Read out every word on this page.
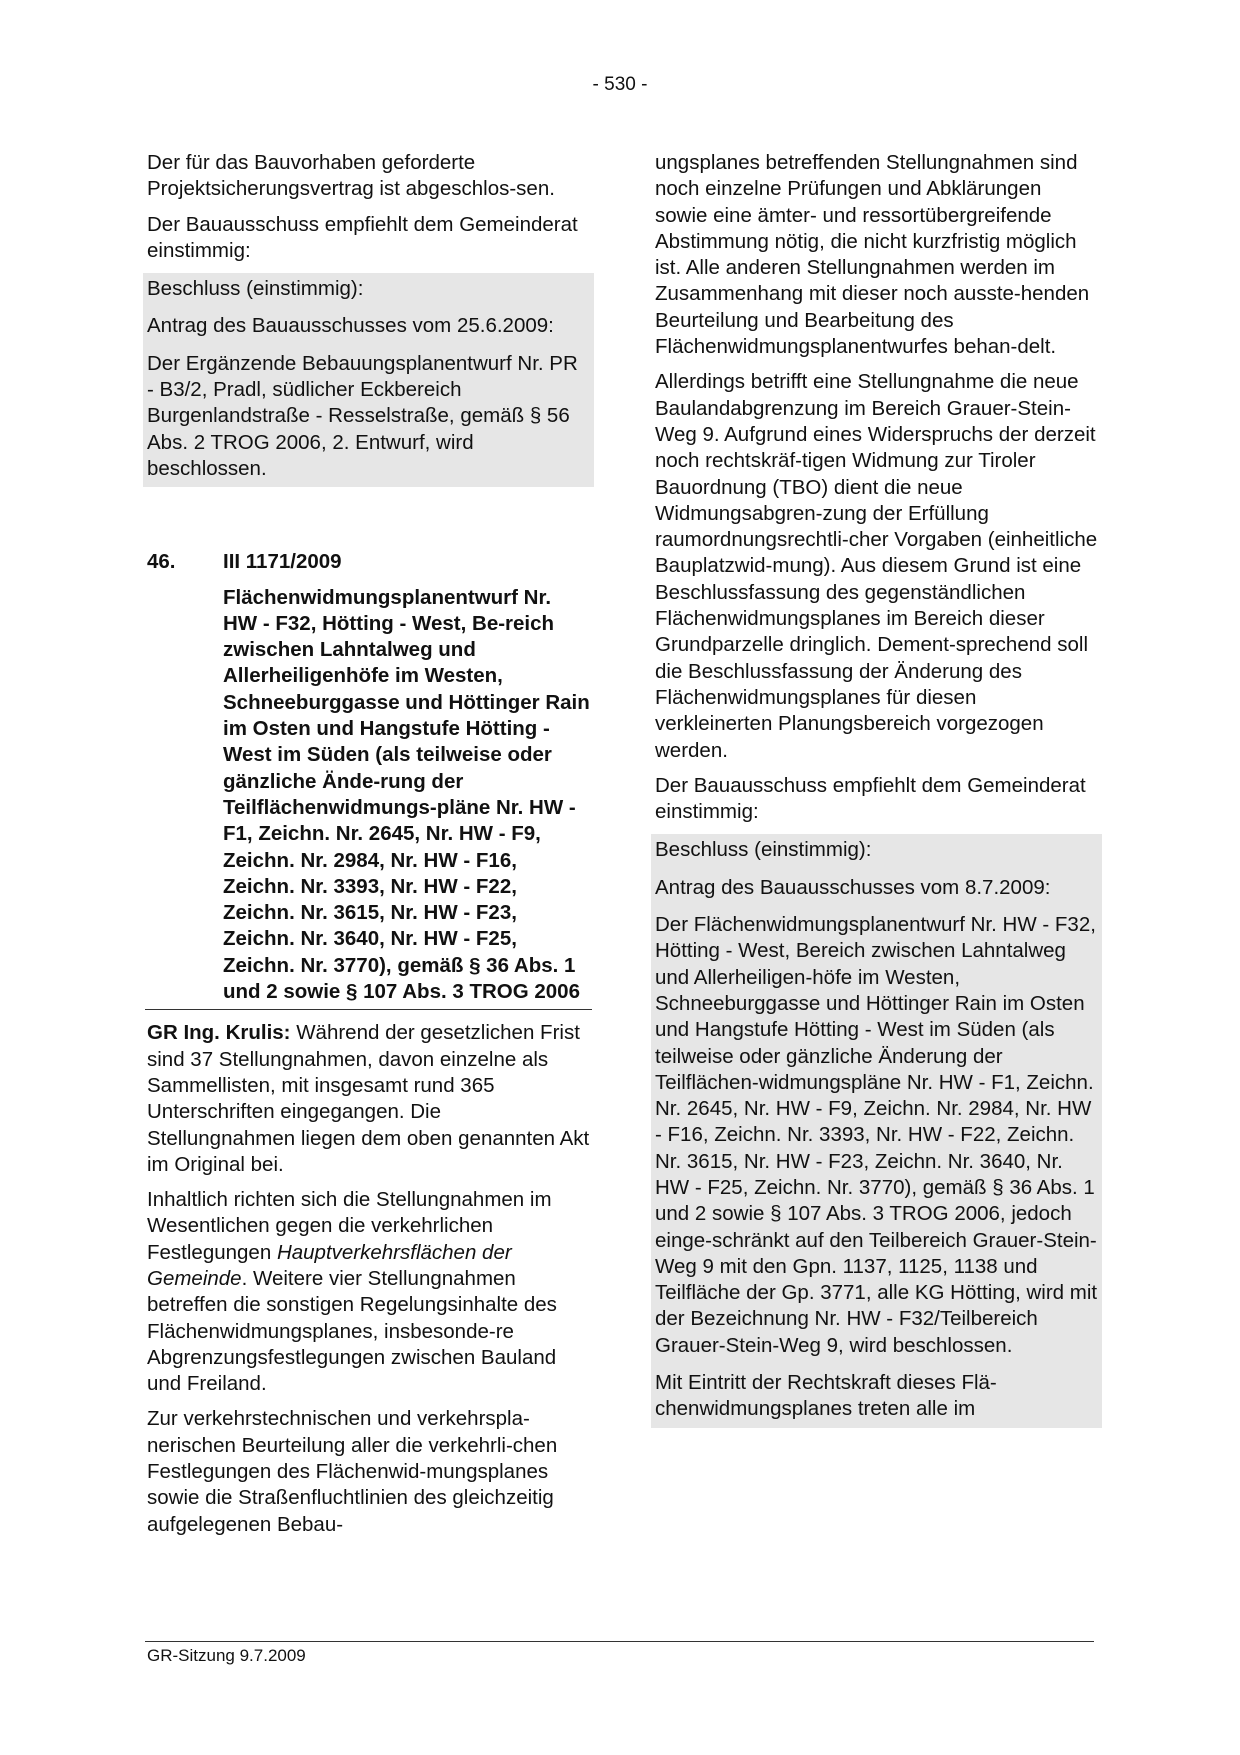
- 530 -

Der für das Bauvorhaben geforderte Projektsicherungsvertrag ist abgeschlos-sen.

Der Bauausschuss empfiehlt dem Gemeinderat einstimmig:

Beschluss (einstimmig):

Antrag des Bauausschusses vom 25.6.2009:

Der Ergänzende Bebauungsplanentwurf Nr. PR - B3/2, Pradl, südlicher Eckbereich Burgenlandstraße - Resselstraße, gemäß § 56 Abs. 2 TROG 2006, 2. Entwurf, wird beschlossen.

46.	III 1171/2009
Flächenwidmungsplanentwurf Nr. HW - F32, Hötting - West, Be-reich zwischen Lahntalweg und Allerheiligenhöfe im Westen, Schneeburggasse und Höttinger Rain im Osten und Hangstufe Hötting - West im Süden (als teilweise oder gänzliche Ände-rung der Teilflächenwidmungs-pläne Nr. HW - F1, Zeichn. Nr. 2645, Nr. HW - F9, Zeichn. Nr. 2984, Nr. HW - F16, Zeichn. Nr. 3393, Nr. HW - F22, Zeichn. Nr. 3615, Nr. HW - F23, Zeichn. Nr. 3640, Nr. HW - F25, Zeichn. Nr. 3770), gemäß § 36 Abs. 1 und 2 sowie § 107 Abs. 3 TROG 2006

GR Ing. Krulis: Während der gesetzlichen Frist sind 37 Stellungnahmen, davon einzelne als Sammellisten, mit insgesamt rund 365 Unterschriften eingegangen. Die Stellungnahmen liegen dem oben genannten Akt im Original bei.

Inhaltlich richten sich die Stellungnahmen im Wesentlichen gegen die verkehrlichen Festlegungen Hauptverkehrsflächen der Gemeinde. Weitere vier Stellungnahmen betreffen die sonstigen Regelungsinhalte des Flächenwidmungsplanes, insbesonde-re Abgrenzungsfestlegungen zwischen Bauland und Freiland.

Zur verkehrstechnischen und verkehrspla-nerischen Beurteilung aller die verkehrli-chen Festlegungen des Flächenwid-mungsplanes sowie die Straßenfluchtlinien des gleichzeitig aufgelegenen Bebau-

ungsplanes betreffenden Stellungnahmen sind noch einzelne Prüfungen und Abklärungen sowie eine ämter- und ressortübergreifende Abstimmung nötig, die nicht kurzfristig möglich ist. Alle anderen Stellungnahmen werden im Zusammenhang mit dieser noch ausste-henden Beurteilung und Bearbeitung des Flächenwidmungsplanentwurfes behan-delt.

Allerdings betrifft eine Stellungnahme die neue Baulandabgrenzung im Bereich Grauer-Stein-Weg 9. Aufgrund eines Widerspruchs der derzeit noch rechtskräf-tigen Widmung zur Tiroler Bauordnung (TBO) dient die neue Widmungsabgren-zung der Erfüllung raumordnungsrechtli-cher Vorgaben (einheitliche Bauplatzwid-mung). Aus diesem Grund ist eine Beschlussfassung des gegenständlichen Flächenwidmungsplanes im Bereich dieser Grundparzelle dringlich. Dement-sprechend soll die Beschlussfassung der Änderung des Flächenwidmungsplanes für diesen verkleinerten Planungsbereich vorgezogen werden.

Der Bauausschuss empfiehlt dem Gemeinderat einstimmig:

Beschluss (einstimmig):

Antrag des Bauausschusses vom 8.7.2009:

Der Flächenwidmungsplanentwurf Nr. HW - F32, Hötting - West, Bereich zwischen Lahntalweg und Allerheiligen-höfe im Westen, Schneeburggasse und Höttinger Rain im Osten und Hangstufe Hötting - West im Süden (als teilweise oder gänzliche Änderung der Teilflächen-widmungspläne Nr. HW - F1, Zeichn. Nr. 2645, Nr. HW - F9, Zeichn. Nr. 2984, Nr. HW - F16, Zeichn. Nr. 3393, Nr. HW - F22, Zeichn. Nr. 3615, Nr. HW - F23, Zeichn. Nr. 3640, Nr. HW - F25, Zeichn. Nr. 3770), gemäß § 36 Abs. 1 und 2 sowie § 107 Abs. 3 TROG 2006, jedoch einge-schränkt auf den Teilbereich Grauer-Stein-Weg 9 mit den Gpn. 1137, 1125, 1138 und Teilfläche der Gp. 3771, alle KG Hötting, wird mit der Bezeichnung Nr. HW - F32/Teilbereich Grauer-Stein-Weg 9, wird beschlossen.

Mit Eintritt der Rechtskraft dieses Flä-chenwidmungsplanes treten alle im

GR-Sitzung 9.7.2009
